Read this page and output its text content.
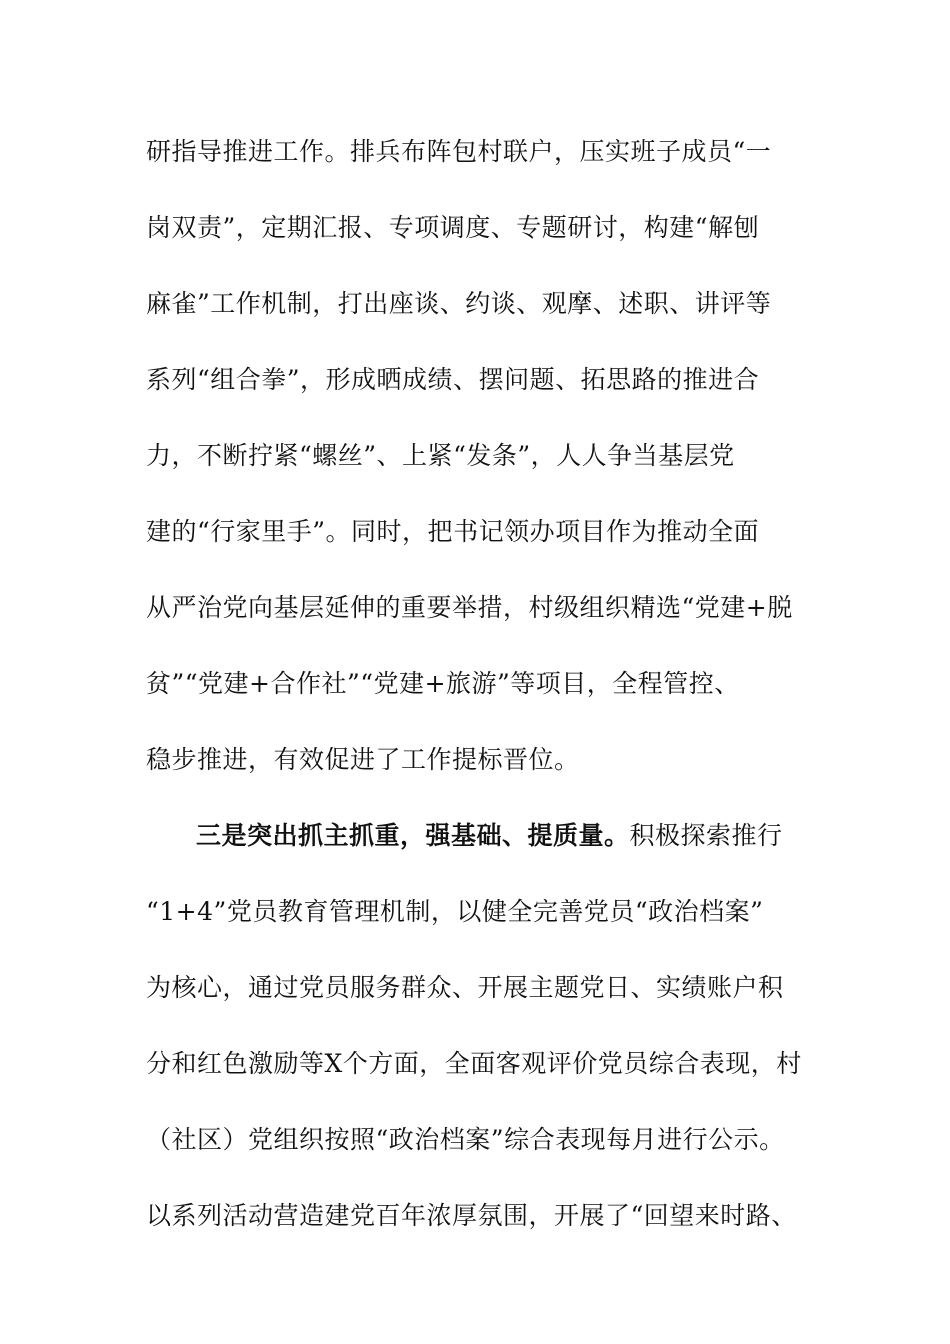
研指导推进工作。排兵布阵包村联户，压实班子成员“一
岗双责”，定期汇报、专项调度、专题研讨，构建“解刨
麻雀”工作机制，打出座谈、约谈、观摩、述职、讲评等
系列“组合拳”，形成晒成绩、摆问题、拓思路的推进合
力，不断拧紧“螺丝”、上紧“发条”，人人争当基层党
建的“行家里手”。同时，把书记领办项目作为推动全面
从严治党向基层延伸的重要举措，村级组织精选“党建+脱
贫”“党建+合作社”“党建+旅游”等项目，全程管控、
稳步推进，有效促进了工作提标晋位。
三是突出抓主抓重，强基础、提质量。积极探索推行
“1+4”党员教育管理机制，以健全完善党员“政治档案”
为核心，通过党员服务群众、开展主题党日、实绩账户积
分和红色激励等X个方面，全面客观评价党员综合表现，村
（社区）党组织按照“政治档案”综合表现每月进行公示。
以系列活动营造建党百年浓厚氛围，开展了“回望来时路、
